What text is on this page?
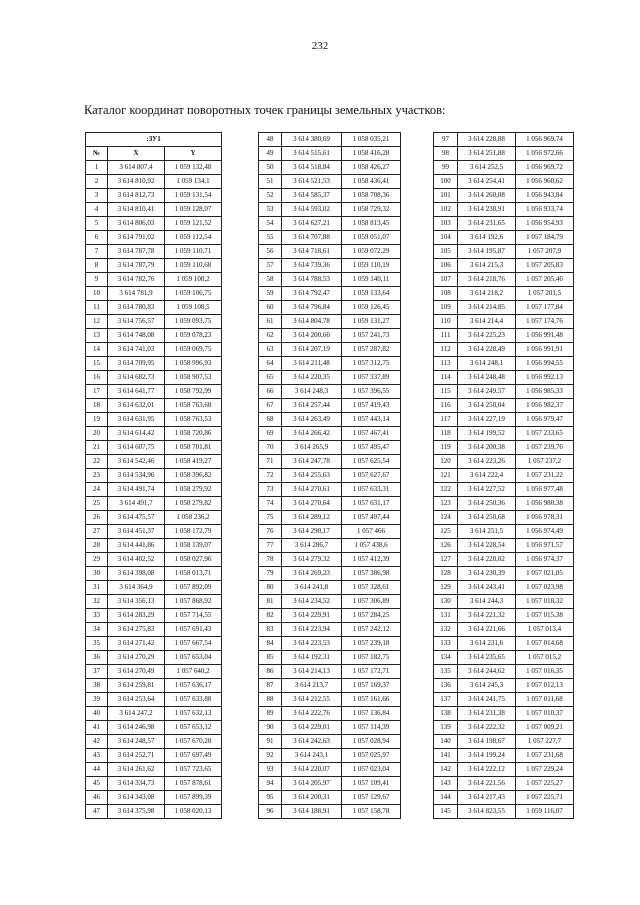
232
Каталог координат поворотных точек границы земельных участков:
:ЗУ1		
№	X	Y
1	3 614 807,4	1 059 132,48
2	3 614 810,92	1 059 134,1
3	3 614 812,73	1 059 131,54
4	3 614 810,41	1 059 128,07
5	3 614 806,03	1 059 121,52
6	3 614 791,02	1 059 112,54
7	3 614 787,78	1 059 110,71
8	3 614 787,79	1 059 110,68
9	3 614 782,76	1 059 108,2
10	3 614 781,9	1 059 106,75
11	3 614 780,83	1 059 108,5
12	3 614 756,57	1 059 093,75
13	3 614 748,08	1 059 078,23
14	3 614 741,03	1 059 069,75
15	3 614 709,95	1 058 996,93
16	3 614 682,73	1 058 907,53
17	3 614 641,77	1 058 792,99
18	3 614 632,01	1 058 763,68
19	3 614 631,95	1 058 763,53
20	3 614 614,42	1 058 720,86
21	3 614 607,75	1 058 701,81
22	3 614 542,46	1 058 419,27
23	3 614 534,96	1 058 396,82
24	3 614 491,74	1 058 279,92
25	3 614 491,7	1 058 279,82
26	3 614 475,57	1 058 236,2
27	3 614 451,37	1 058 172,79
28	3 614 441,86	1 058 139,07
29	3 614 402,52	1 058 027,96
30	3 614 398,08	1 058 013,71
31	3 614 364,9	1 057 892,09
32	3 614 356,13	1 057 868,92
33	3 614 283,29	1 057 714,55
34	3 614 275,83	1 057 691,43
35	3 614 271,42	1 057 667,54
36	3 614 270,29	1 057 653,04
37	3 614 270,49	1 057 640,2
38	3 614 259,81	1 057 636,17
39	3 614 253,64	1 057 633,88
40	3 614 247,2	1 057 632,13
41	3 614 246,98	1 057 653,12
42	3 614 248,57	1 057 670,28
43	3 614 252,71	1 057 697,49
44	3 614 261,62	1 057 723,65
45	3 614 334,73	1 057 878,61
46	3 614 343,08	1 057 899,39
47	3 614 375,98	1 058 020,13
48	3 614 380,69	1 058 035,21
49	3 614 515,61	1 058 416,28
50	3 614 518,84	1 058 426,27
51	3 614 521,53	1 058 436,41
52	3 614 585,37	1 058 708,36
53	3 614 593,02	1 058 729,32
54	3 614 627,21	1 058 813,45
55	3 614 707,88	1 059 051,07
56	3 614 718,61	1 059 072,29
57	3 614 739,36	1 059 110,19
58	3 614 788,53	1 059 140,11
59	3 614 792,47	1 059 133,64
60	3 614 796,84	1 059 126,45
61	3 614 804,78	1 059 131,27
62	3 614 200,66	1 057 241,73
63	3 614 207,19	1 057 287,82
64	3 614 211,48	1 057 312,75
65	3 614 220,35	1 057 337,89
66	3 614 248,3	1 057 396,55
67	3 614 257,44	1 057 419,43
68	3 614 263,49	1 057 443,14
69	3 614 266,42	1 057 467,41
70	3 614 265,9	1 057 495,47
71	3 614 247,78	1 057 625,54
72	3 614 255,63	1 057 627,67
73	3 614 270,61	1 057 633,31
74	3 614 270,64	1 057 631,17
75	3 614 289,12	1 057 497,44
76	3 614 290,17	1 057 466
77	3 614 286,7	1 057 438,6
78	3 614 279,32	1 057 412,39
79	3 614 269,23	1 057 386,98
80	3 614 241,8	1 057 328,61
81	3 614 234,52	1 057 306,89
82	3 614 229,91	1 057 284,25
83	3 614 223,94	1 057 242,12
84	3 614 223,53	1 057 239,18
85	3 614 192,31	1 057 182,75
86	3 614 214,13	1 057 172,71
87	3 614 213,7	1 057 169,37
88	3 614 212,55	1 057 161,66
89	3 614 222,76	1 057 136,84
90	3 614 229,01	1 057 114,39
91	3 614 242,63	1 057 028,94
92	3 614 243,1	1 057 025,97
93	3 614 220,07	1 057 023,04
94	3 614 205,97	1 057 109,41
95	3 614 200,31	1 057 129,67
96	3 614 188,91	1 057 158,78
97	3 614 228,88	1 056 969,74
98	3 614 251,88	1 056 972,66
99	3 614 252,5	1 056 969,72
100	3 614 254,41	1 056 960,62
101	3 614 260,08	1 056 943,84
102	3 614 238,91	1 056 933,74
103	3 614 231,65	1 056 954,93
104	3 614 192,6	1 057 184,79
105	3 614 195,87	1 057 207,9
106	3 614 215,3	1 057 205,83
107	3 614 218,76	1 057 205,46
108	3 614 218,2	1 057 201,5
109	3 614 214,85	1 057 177,84
110	3 614 214,4	1 057 174,76
111	3 614 225,23	1 056 991,48
112	3 614 228,49	1 056 991,91
113	3 614 248,1	1 056 994,55
114	3 614 248,48	1 056 992,13
115	3 614 249,57	1 056 985,33
116	3 614 250,04	1 056 982,37
117	3 614 227,19	1 056 979,47
118	3 614 199,52	1 057 233,65
119	3 614 200,38	1 057 239,76
120	3 614 223,26	1 057 237,2
121	3 614 222,4	1 057 231,22
122	3 614 227,52	1 056 977,48
123	3 614 250,36	1 056 980,38
124	3 614 250,68	1 056 978,31
125	3 614 251,5	1 056 974,49
126	3 614 228,54	1 056 971,57
127	3 614 228,02	1 056 974,37
128	3 614 230,39	1 057 021,05
129	3 614 243,41	1 057 023,98
130	3 614 244,3	1 057 018,32
131	3 614 221,32	1 057 015,38
132	3 614 221,66	1 057 013,4
133	3 614 231,6	1 057 014,68
134	3 614 235,65	1 057 015,2
135	3 614 244,62	1 057 016,35
136	3 614 245,3	1 057 012,13
137	3 614 241,75	1 057 011,68
138	3 614 231,38	1 057 010,37
139	3 614 222,32	1 057 009,21
140	3 614 198,67	1 057 227,7
141	3 614 199,24	1 057 231,68
142	3 614 222,12	1 057 229,24
143	3 614 221,56	1 057 225,27
144	3 614 217,43	1 057 225,71
145	3 614 823,55	1 059 116,07
